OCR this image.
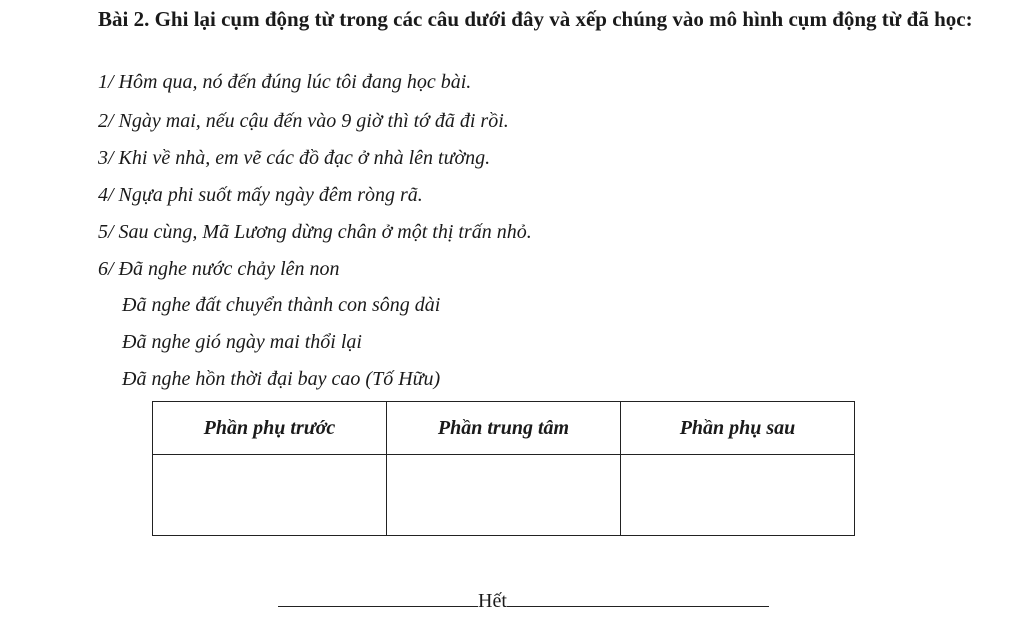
Bài 2. Ghi lại cụm động từ trong các câu dưới đây và xếp chúng vào mô hình cụm động từ đã học:
1/ Hôm qua, nó đến đúng lúc tôi đang học bài.
2/ Ngày mai, nếu cậu đến vào 9 giờ thì tớ đã đi rồi.
3/ Khi về nhà, em vẽ các đồ đạc ở nhà lên tường.
4/ Ngựa phi suốt mấy ngày đêm ròng rã.
5/ Sau cùng, Mã Lương dừng chân ở một thị trấn nhỏ.
6/ Đã nghe nước chảy lên non
Đã nghe đất chuyển thành con sông dài
Đã nghe gió ngày mai thổi lại
Đã nghe hồn thời đại bay cao (Tố Hữu)
Phần phụ trước	Phần trung tâm	Phần phụ sau

Hết
